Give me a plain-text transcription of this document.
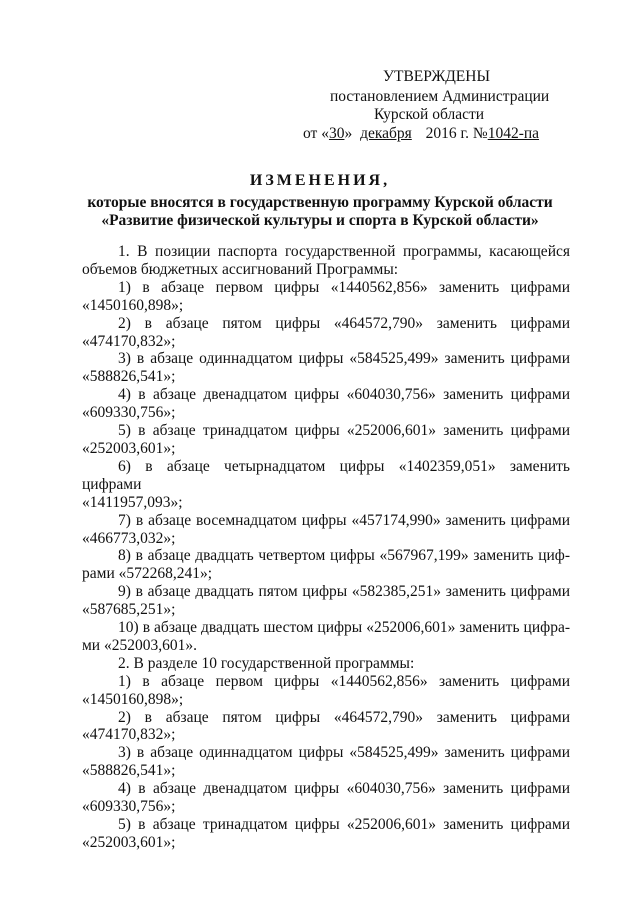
УТВЕРЖДЕНЫ
постановлением Администрации
Курской области
от «30» декабря 2016 г. №1042-па
ИЗМЕНЕНИЯ,
которые вносятся в государственную программу Курской области
«Развитие физической культуры и спорта в Курской области»

1. В позиции паспорта государственной программы, касающейся

объемов бюджетных ассигнований Программы:

1) в абзаце первом цифры «1440562,856» заменить цифрами

«1450160,898»;

2) в абзаце пятом цифры «464572,790» заменить цифрами

«474170,832»;

3) в абзаце одиннадцатом цифры «584525,499» заменить цифрами

«588826,541»;

4) в абзаце двенадцатом цифры «604030,756» заменить цифрами

«609330,756»;

5) в абзаце тринадцатом цифры «252006,601» заменить цифрами

«252003,601»;

6) в абзаце четырнадцатом цифры «1402359,051» заменить цифрами

«1411957,093»;

7) в абзаце восемнадцатом цифры «457174,990» заменить цифрами

«466773,032»;

8) в абзаце двадцать четвертом цифры «567967,199» заменить циф-

рами «572268,241»;

9) в абзаце двадцать пятом цифры «582385,251» заменить цифрами

«587685,251»;

10) в абзаце двадцать шестом цифры «252006,601» заменить цифра-

ми «252003,601».

2. В разделе 10 государственной программы:

1) в абзаце первом цифры «1440562,856» заменить цифрами

«1450160,898»;

2) в абзаце пятом цифры «464572,790» заменить цифрами

«474170,832»;

3) в абзаце одиннадцатом цифры «584525,499» заменить цифрами

«588826,541»;

4) в абзаце двенадцатом цифры «604030,756» заменить цифрами

«609330,756»;

5) в абзаце тринадцатом цифры «252006,601» заменить цифрами

«252003,601»;
